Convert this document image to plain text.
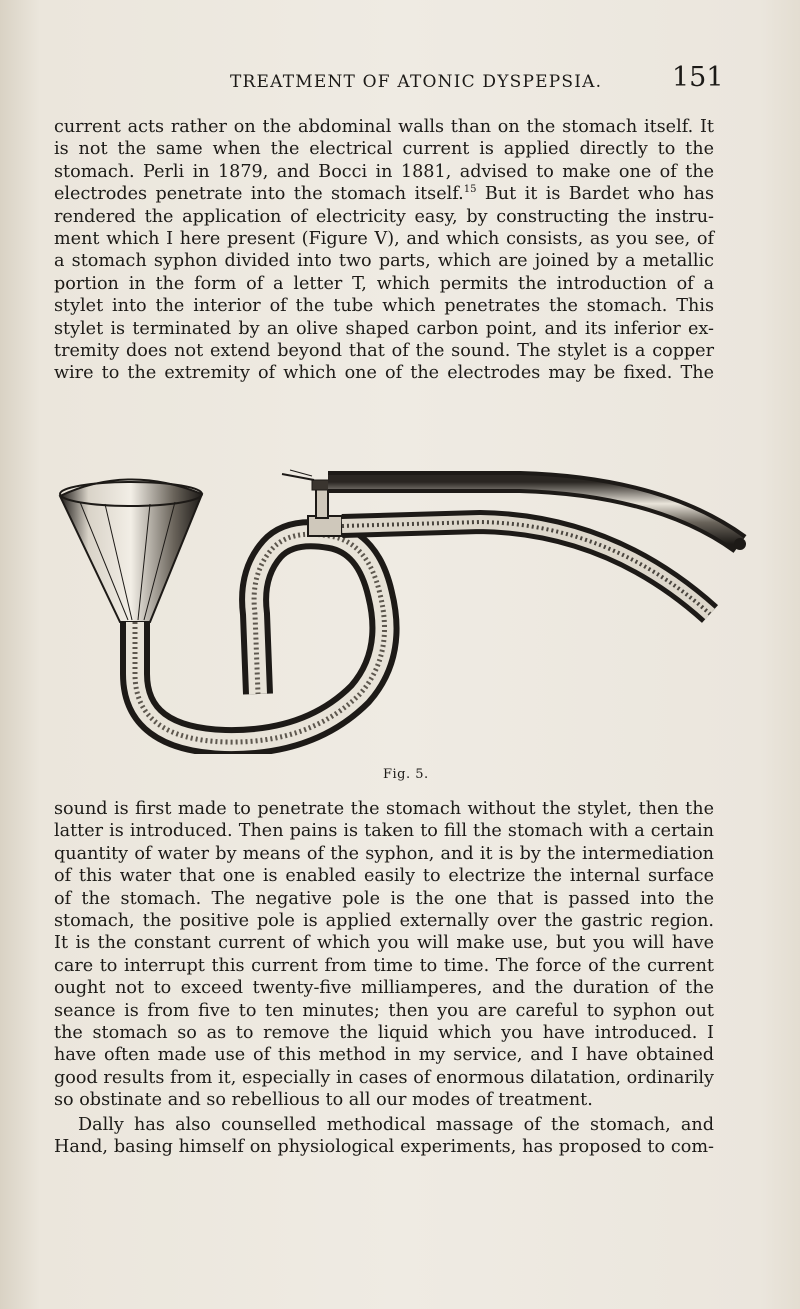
TREATMENT OF ATONIC DYSPEPSIA.	151
current acts rather on the abdominal walls than on the stomach itself. It
is not the same when the electrical current is applied directly to the
stomach. Perli in 1879, and Bocci in 1881, advised to make one of the
electrodes penetrate into the stomach itself.$^{15}$ But it is Bardet who has
rendered the application of electricity easy, by constructing the instru-
ment which I here present (Figure V), and which consists, as you see, of
a stomach syphon divided into two parts, which are joined by a metallic
portion in the form of a letter T, which permits the introduction of a
stylet into the interior of the tube which penetrates the stomach. This
stylet is terminated by an olive shaped carbon point, and its inferior ex-
tremity does not extend beyond that of the sound. The stylet is a copper
wire to the extremity of which one of the electrodes may be fixed. The
Fig. 5.
sound is first made to penetrate the stomach without the stylet, then the
latter is introduced. Then pains is taken to fill the stomach with a certain
quantity of water by means of the syphon, and it is by the intermediation
of this water that one is enabled easily to electrize the internal surface
of the stomach. The negative pole is the one that is passed into the
stomach, the positive pole is applied externally over the gastric region.
It is the constant current of which you will make use, but you will have
care to interrupt this current from time to time. The force of the current
ought not to exceed twenty-five milliamperes, and the duration of the
seance is from five to ten minutes; then you are careful to syphon out
the stomach so as to remove the liquid which you have introduced. I
have often made use of this method in my service, and I have obtained
good results from it, especially in cases of enormous dilatation, ordinarily
so obstinate and so rebellious to all our modes of treatment.
Dally has also counselled methodical massage of the stomach, and
Hand, basing himself on physiological experiments, has proposed to com-
